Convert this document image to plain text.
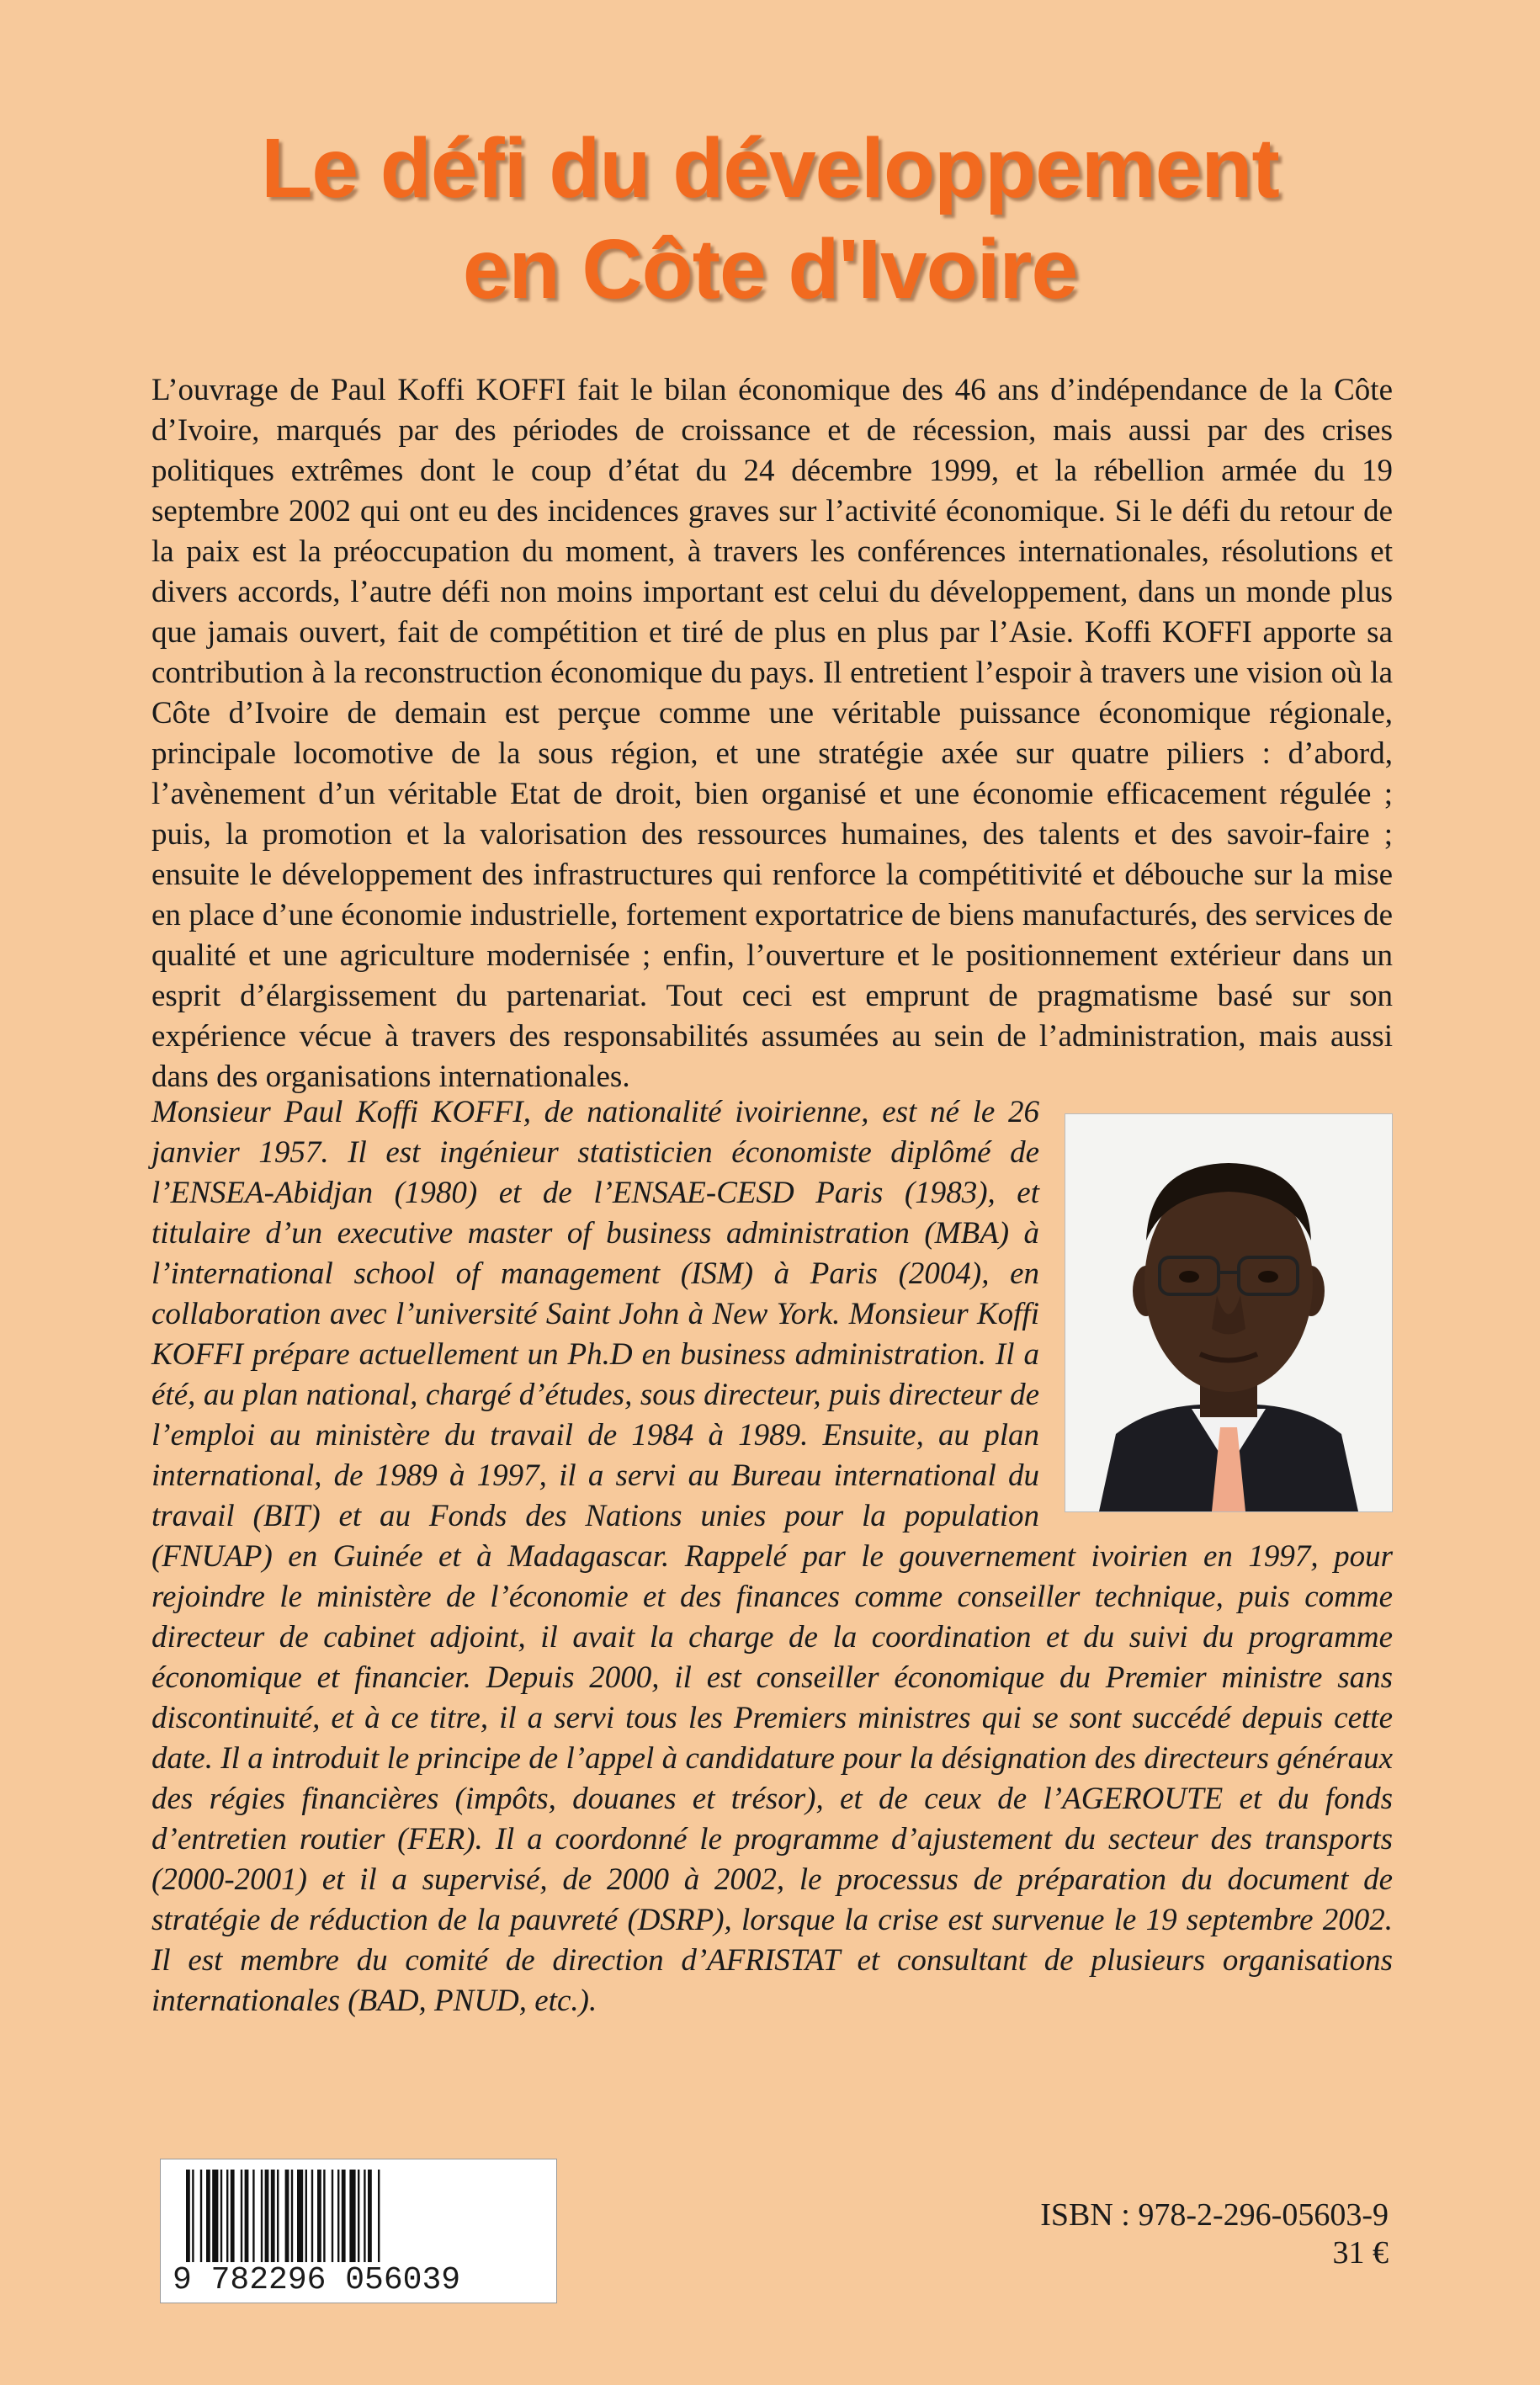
Le défi du développement
en Côte d'Ivoire

L’ouvrage de Paul Koffi KOFFI fait le bilan économique des 46 ans d’indépendance de la Côte d’Ivoire, marqués par des périodes de croissance et de récession, mais aussi par des crises politiques extrêmes dont le coup d’état du 24 décembre 1999, et la rébellion armée du 19 septembre 2002 qui ont eu des incidences graves sur l’activité économique. Si le défi du retour de la paix est la préoccupation du moment, à travers les conférences internationales, résolutions et divers accords, l’autre défi non moins important est celui du développement, dans un monde plus que jamais ouvert, fait de compétition et tiré de plus en plus par l’Asie. Koffi KOFFI apporte sa contribution à la reconstruction économique du pays. Il entretient l’espoir à travers une vision où la Côte d’Ivoire de demain est perçue comme une véritable puissance économique régionale, principale locomotive de la sous région, et une stratégie axée sur quatre piliers : d’abord, l’avènement d’un véritable Etat de droit, bien organisé et une économie efficacement régulée ; puis, la promotion et la valorisation des ressources humaines, des talents et des savoir-faire ; ensuite le développement des infrastructures qui renforce la compétitivité et débouche sur la mise en place d’une économie industrielle, fortement exportatrice de biens manufacturés, des services de qualité et une agriculture modernisée ; enfin, l’ouverture et le positionnement extérieur dans un esprit d’élargissement du partenariat. Tout ceci est emprunt de pragmatisme basé sur son expérience vécue à travers des responsabilités assumées au sein de l’administration, mais aussi dans des organisations internationales.

Monsieur Paul Koffi KOFFI, de nationalité ivoirienne, est né le 26 janvier 1957. Il est ingénieur statisticien économiste diplômé de l’ENSEA-Abidjan (1980) et de l’ENSAE-CESD Paris (1983), et titulaire d’un executive master of business administration (MBA) à l’international school of management (ISM) à Paris (2004), en collaboration avec l’université Saint John à New York. Monsieur Koffi KOFFI prépare actuellement un Ph.D en business administration. Il a été, au plan national, chargé d’études, sous directeur, puis directeur de l’emploi au ministère du travail de 1984 à 1989. Ensuite, au plan international, de 1989 à 1997, il a servi au Bureau international du travail (BIT) et au Fonds des Nations unies pour la population (FNUAP) en Guinée et à Madagascar. Rappelé par le gouvernement ivoirien en 1997, pour rejoindre le ministère de l’économie et des finances comme conseiller technique, puis comme directeur de cabinet adjoint, il avait la charge de la coordination et du suivi du programme économique et financier. Depuis 2000, il est conseiller économique du Premier ministre sans discontinuité, et à ce titre, il a servi tous les Premiers ministres qui se sont succédé depuis cette date. Il a introduit le principe de l’appel à candidature pour la désignation des directeurs généraux des régies financières (impôts, douanes et trésor), et de ceux de l’AGEROUTE et du fonds d’entretien routier (FER). Il a coordonné le programme d’ajustement du secteur des transports (2000-2001) et il a supervisé, de 2000 à 2002, le processus de préparation du document de stratégie de réduction de la pauvreté (DSRP), lorsque la crise est survenue le 19 septembre 2002. Il est membre du comité de direction d’AFRISTAT et consultant de plusieurs organisations internationales (BAD, PNUD, etc.).
9 782296 056039
ISBN : 978-2-296-05603-9
31 €
